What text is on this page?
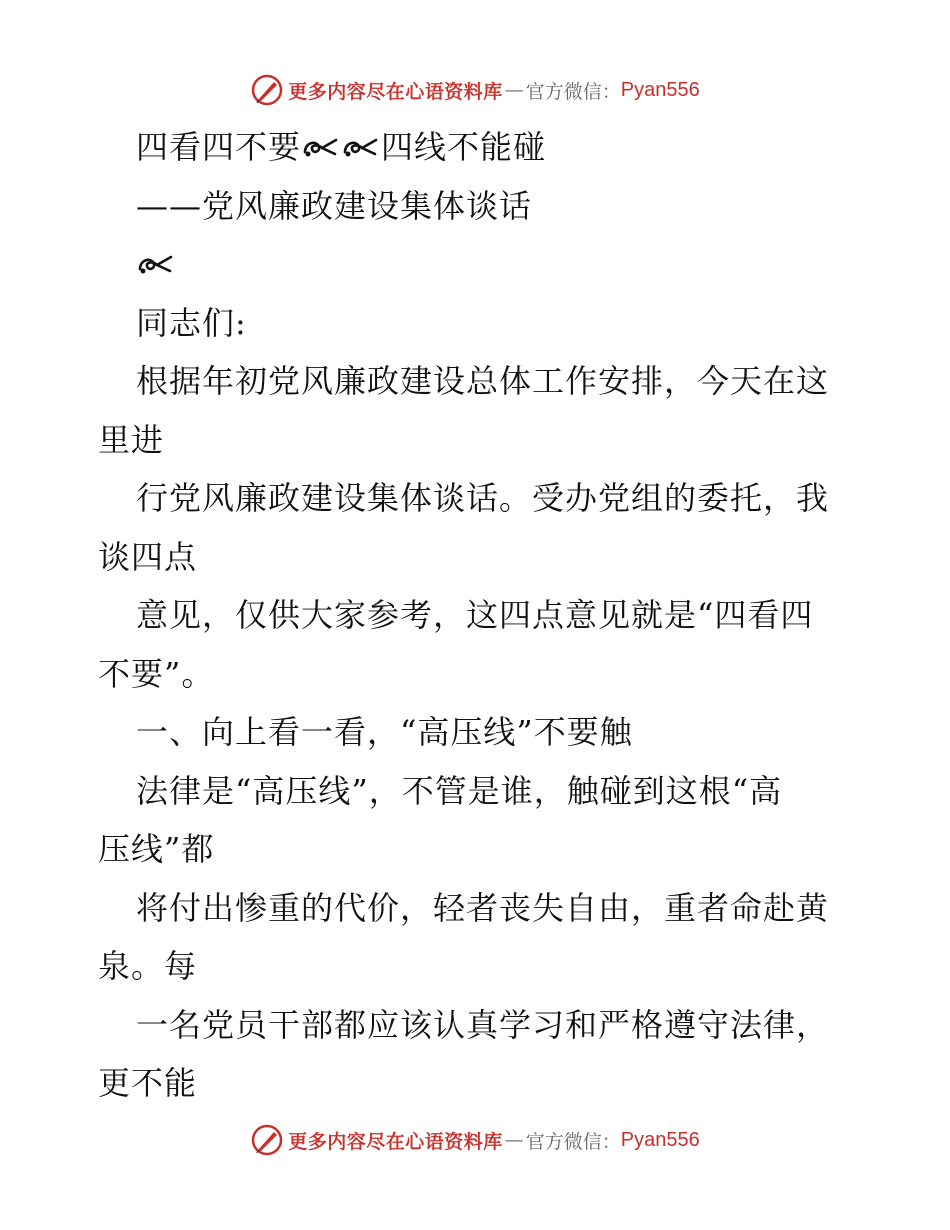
更多内容尽在心语资料库 — 官方微信： Pyan556
四看四不要	四线不能碰
——党风廉政建设集体谈话
同志们:
根据年初党风廉政建设总体工作安排，今天在这
里进
行党风廉政建设集体谈话。受办党组的委托，我
谈四点
意见，仅供大家参考，这四点意见就是“四看四
不要”。
一、向上看一看，“高压线”不要触
法律是“高压线”，不管是谁，触碰到这根“高
压线”都
将付出惨重的代价，轻者丧失自由，重者命赴黄
泉。每
一名党员干部都应该认真学习和严格遵守法律，
更不能
更多内容尽在心语资料库 — 官方微信： Pyan556
